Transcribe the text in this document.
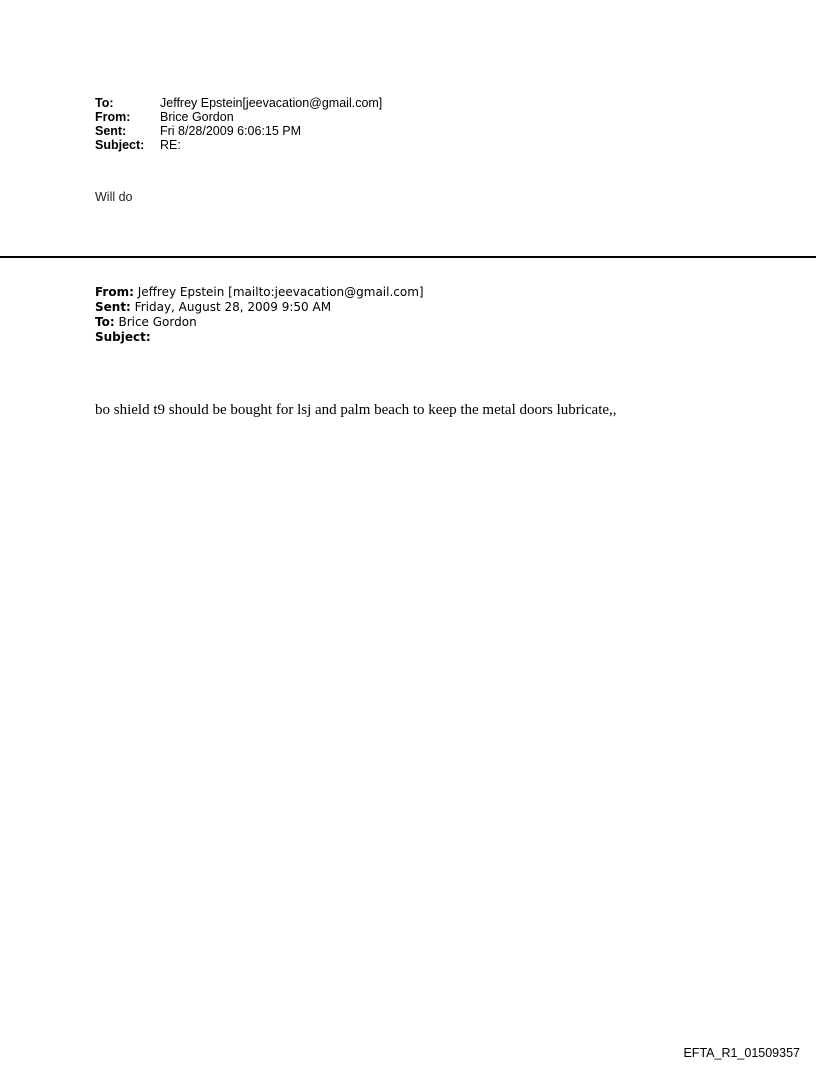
To:	Jeffrey Epstein[jeevacation@gmail.com]
From:	Brice Gordon
Sent:	Fri 8/28/2009 6:06:15 PM
Subject:	RE:
Will do
From: Jeffrey Epstein [mailto:jeevacation@gmail.com]
Sent: Friday, August 28, 2009 9:50 AM
To: Brice Gordon
Subject:
bo shield t9 should be bought for lsj and palm beach to keep the metal doors lubricate,,
EFTA_R1_01509357
